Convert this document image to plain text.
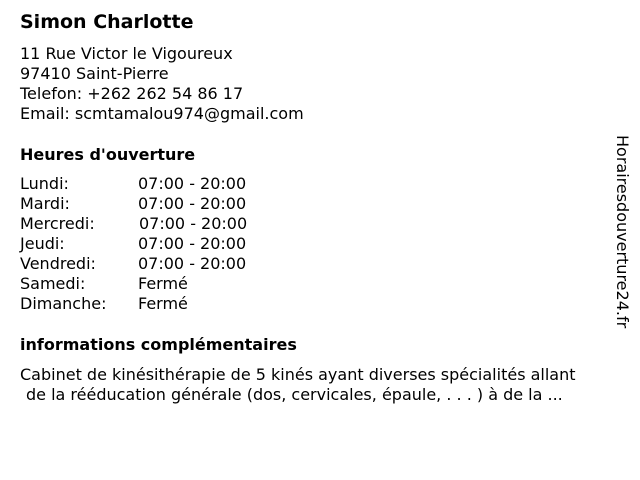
Simon Charlotte
11 Rue Victor le Vigoureux
97410 Saint-Pierre
Telefon: +262 262 54 86 17
Email: scmtamalou974@gmail.com
Heures d'ouverture
Lundi:	07:00 - 20:00
Mardi:	07:00 - 20:00
Mercredi:	07:00 - 20:00
Jeudi:	07:00 - 20:00
Vendredi:	07:00 - 20:00
Samedi:	Fermé
Dimanche: Fermé
informations complémentaires
Cabinet de kinésithérapie de 5 kinés ayant diverses spécialités allant
de la rééducation générale (dos, cervicales, épaule, . . . ) à de la ...
Horairesdouverture24.fr
